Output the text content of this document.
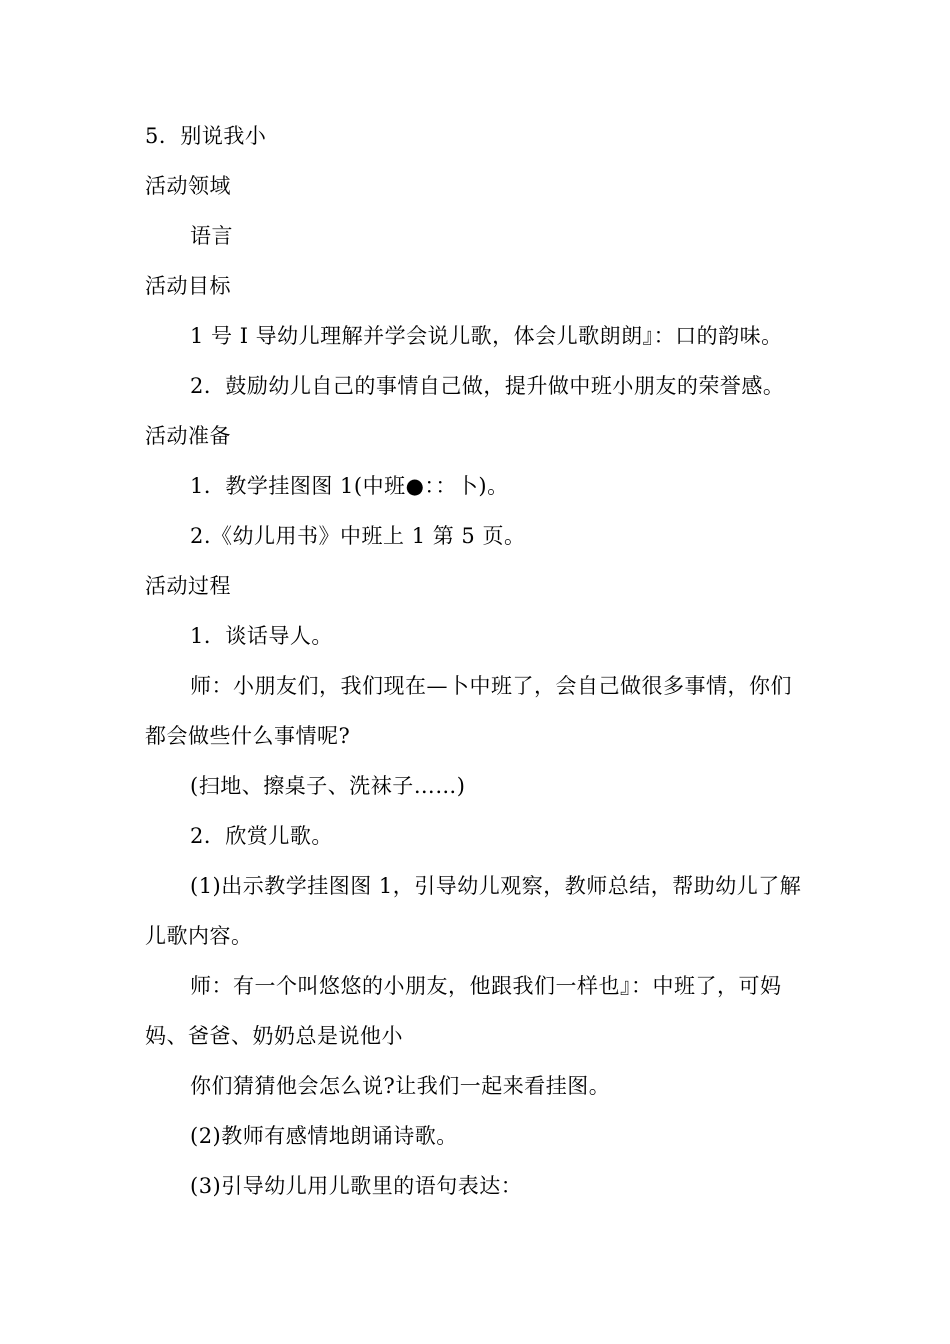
5．别说我小
活动领域
语言
活动目标
1 号 I 导幼儿理解并学会说儿歌，体会儿歌朗朗』：口的韵味。
2．鼓励幼儿自己的事情自己做，提升做中班小朋友的荣誉感。
活动准备
1．教学挂图图 1(中班●：：卜)。
2.《幼儿用书》中班上 1 第 5 页。
活动过程
1．谈话导人。
师：小朋友们，我们现在—卜中班了，会自己做很多事情，你们
都会做些什么事情呢?
(扫地、擦桌子、洗袜子……)
2．欣赏儿歌。
(1)出示教学挂图图 1，引导幼儿观察，教师总结，帮助幼儿了解
儿歌内容。
师：有一个叫悠悠的小朋友，他跟我们一样也』：中班了，可妈
妈、爸爸、奶奶总是说他小
你们猜猜他会怎么说?让我们一起来看挂图。
(2)教师有感情地朗诵诗歌。
(3)引导幼儿用儿歌里的语句表达：
